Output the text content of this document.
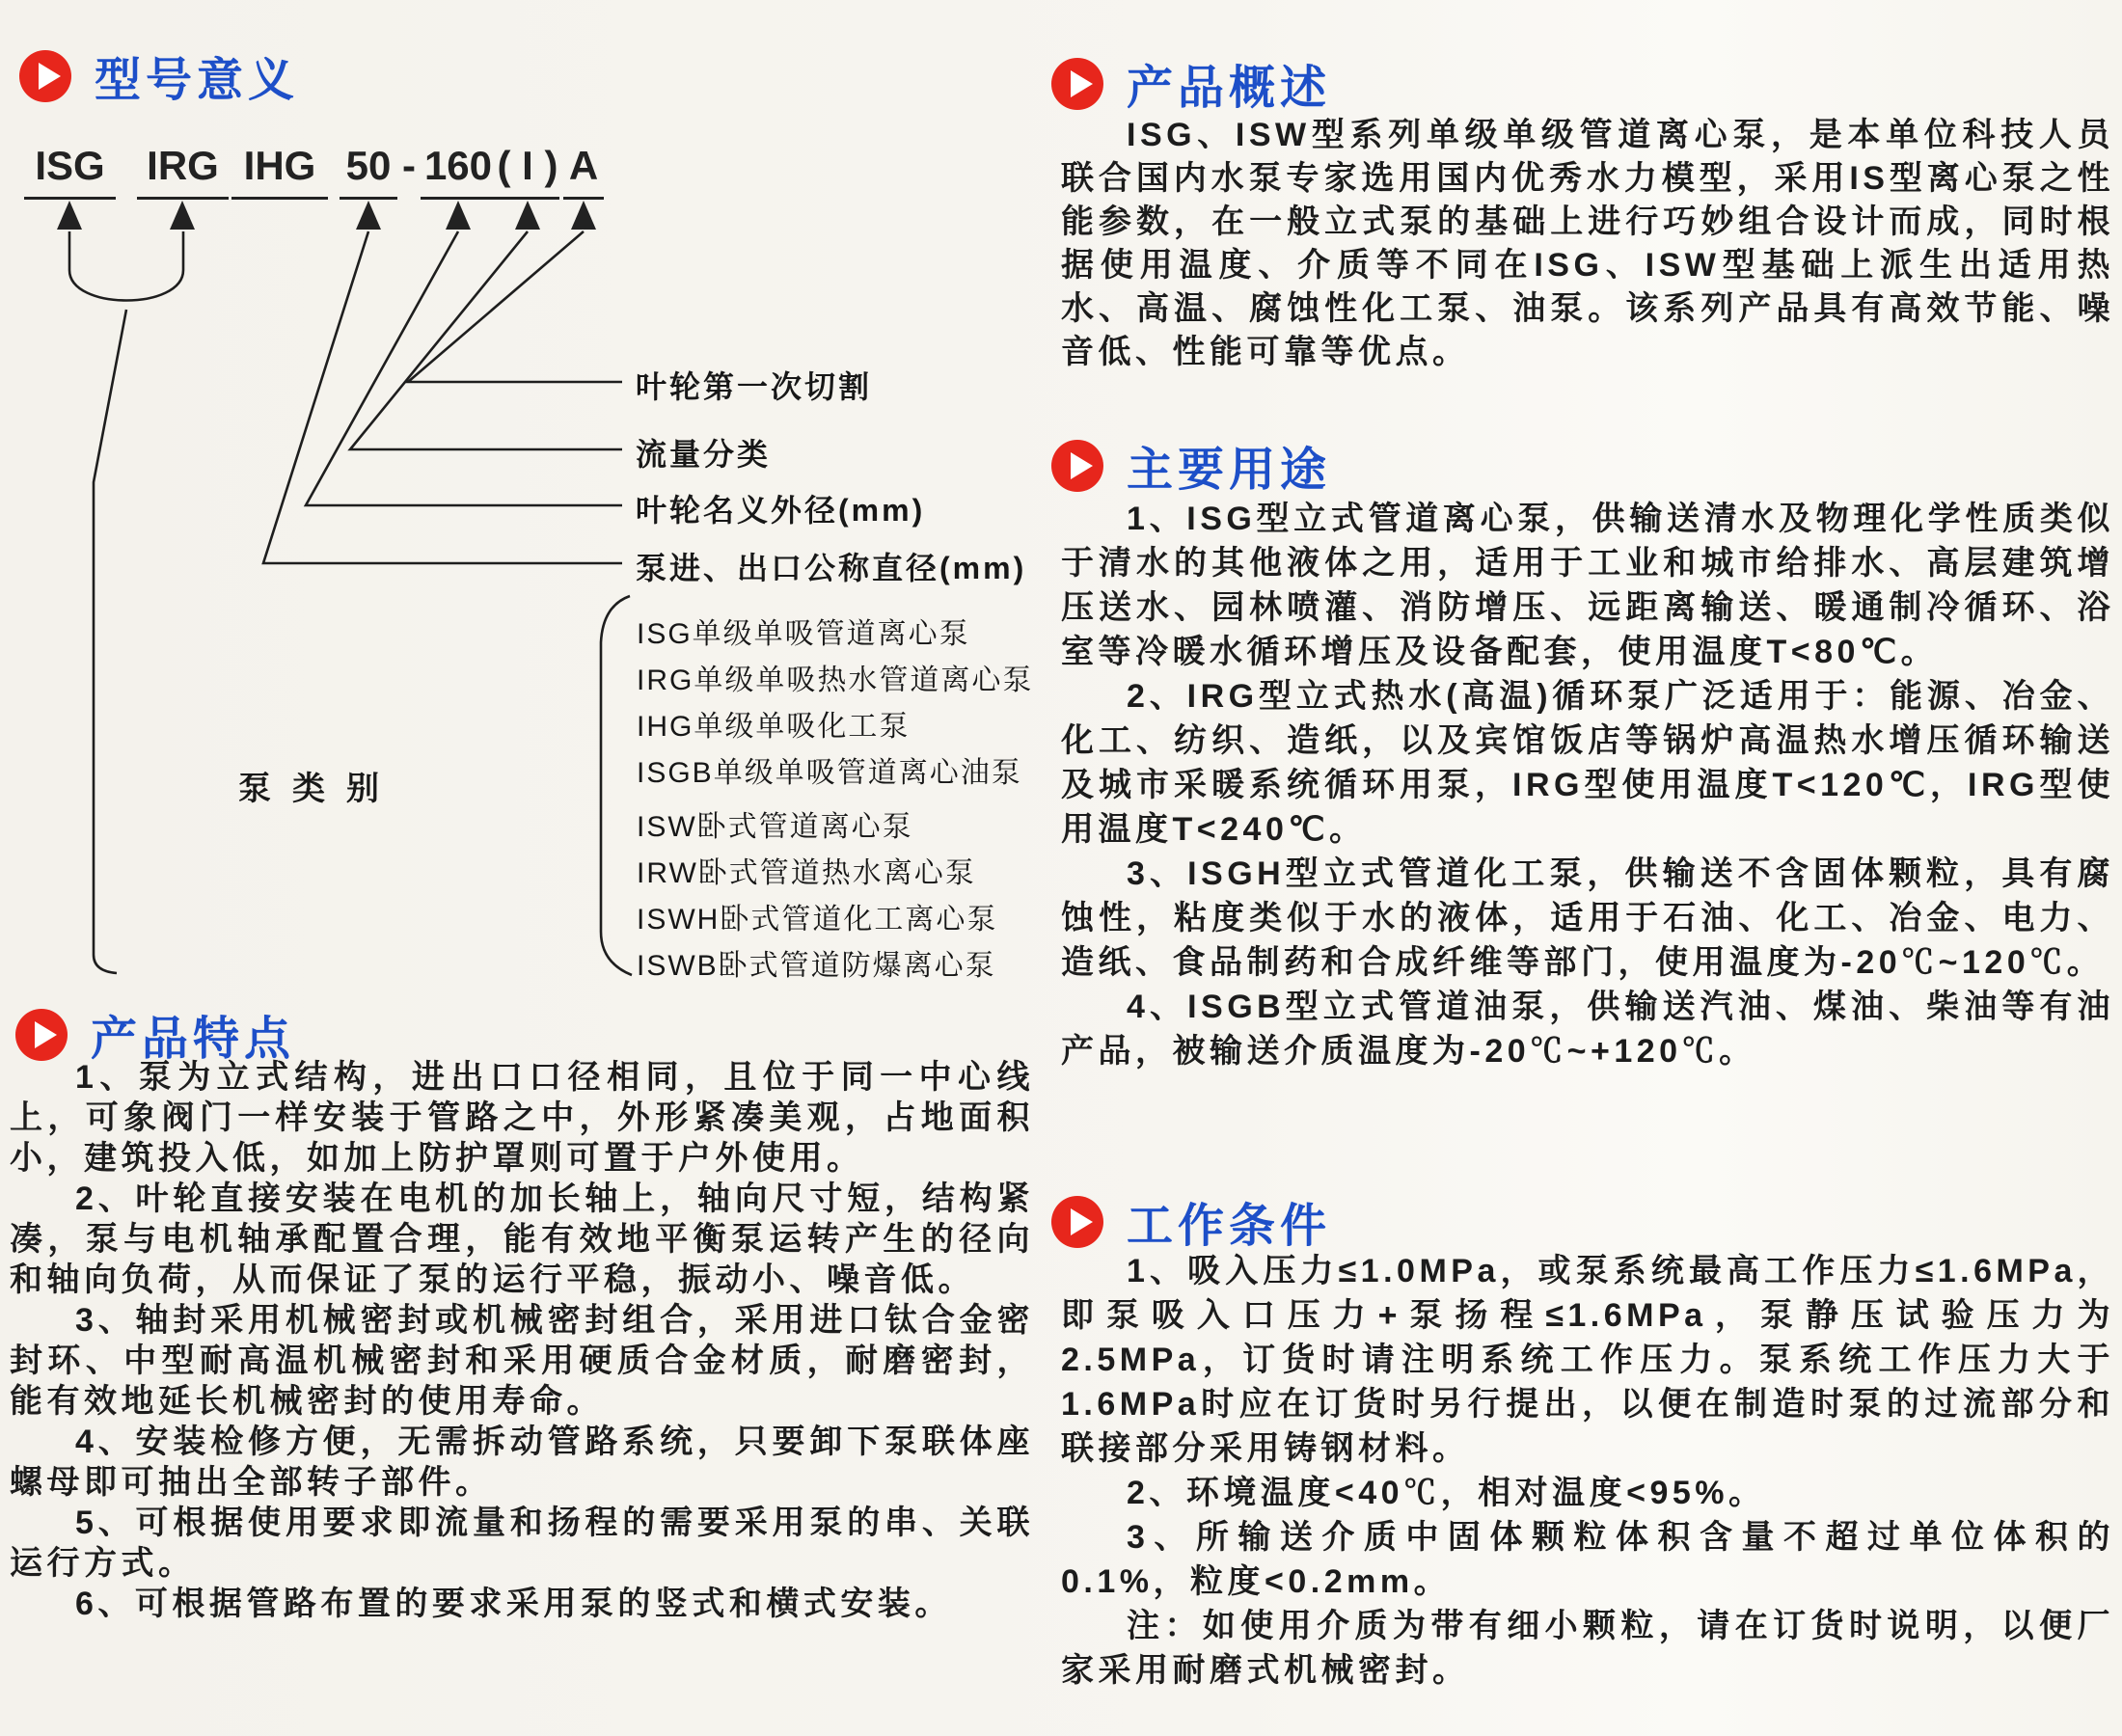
型号意义
ISG IRG IHG 50 - 160 ( I ) A
叶轮第一次切割
流量分类
叶轮名义外径(mm)
泵进、出口公称直径(mm)
泵类别
ISG单级单吸管道离心泵
IRG单级单吸热水管道离心泵
IHG单级单吸化工泵
ISGB单级单吸管道离心油泵
ISW卧式管道离心泵
IRW卧式管道热水离心泵
ISWH卧式管道化工离心泵
ISWB卧式管道防爆离心泵
产品特点

1、泵为立式结构，进出口口径相同，且位于同一中心线上，可象阀门一样安装于管路之中，外形紧凑美观，占地面积小，建筑投入低，如加上防护罩则可置于户外使用。

2、叶轮直接安装在电机的加长轴上，轴向尺寸短，结构紧凑，泵与电机轴承配置合理，能有效地平衡泵运转产生的径向和轴向负荷，从而保证了泵的运行平稳，振动小、噪音低。

3、轴封采用机械密封或机械密封组合，采用进口钛合金密封环、中型耐高温机械密封和采用硬质合金材质，耐磨密封，能有效地延长机械密封的使用寿命。

4、安装检修方便，无需拆动管路系统，只要卸下泵联体座螺母即可抽出全部转子部件。

5、可根据使用要求即流量和扬程的需要采用泵的串、关联运行方式。

6、可根据管路布置的要求采用泵的竖式和横式安装。

产品概述

ISG、ISW型系列单级单级管道离心泵，是本单位科技人员联合国内水泵专家选用国内优秀水力模型，采用IS型离心泵之性能参数，在一般立式泵的基础上进行巧妙组合设计而成，同时根据使用温度、介质等不同在ISG、ISW型基础上派生出适用热水、高温、腐蚀性化工泵、油泵。该系列产品具有高效节能、噪音低、性能可靠等优点。

主要用途

1、ISG型立式管道离心泵，供输送清水及物理化学性质类似于清水的其他液体之用，适用于工业和城市给排水、高层建筑增压送水、园林喷灌、消防增压、远距离输送、暖通制冷循环、浴室等冷暖水循环增压及设备配套，使用温度T<80℃。

2、IRG型立式热水(高温)循环泵广泛适用于：能源、冶金、化工、纺织、造纸，以及宾馆饭店等锅炉高温热水增压循环输送及城市采暖系统循环用泵，IRG型使用温度T<120℃，IRG型使用温度T<240℃。

3、ISGH型立式管道化工泵，供输送不含固体颗粒，具有腐蚀性，粘度类似于水的液体，适用于石油、化工、冶金、电力、造纸、食品制药和合成纤维等部门，使用温度为-20℃~120℃。

4、ISGB型立式管道油泵，供输送汽油、煤油、柴油等有油产品，被输送介质温度为-20℃~+120℃。

工作条件

1、吸入压力≤1.0MPa，或泵系统最高工作压力≤1.6MPa，即泵吸入口压力+泵扬程≤1.6MPa，泵静压试验压力为2.5MPa，订货时请注明系统工作压力。泵系统工作压力大于1.6MPa时应在订货时另行提出，以便在制造时泵的过流部分和联接部分采用铸钢材料。

2、环境温度<40℃，相对温度<95%。

3、所输送介质中固体颗粒体积含量不超过单位体积的0.1%，粒度<0.2mm。

注：如使用介质为带有细小颗粒，请在订货时说明，以便厂家采用耐磨式机械密封。
